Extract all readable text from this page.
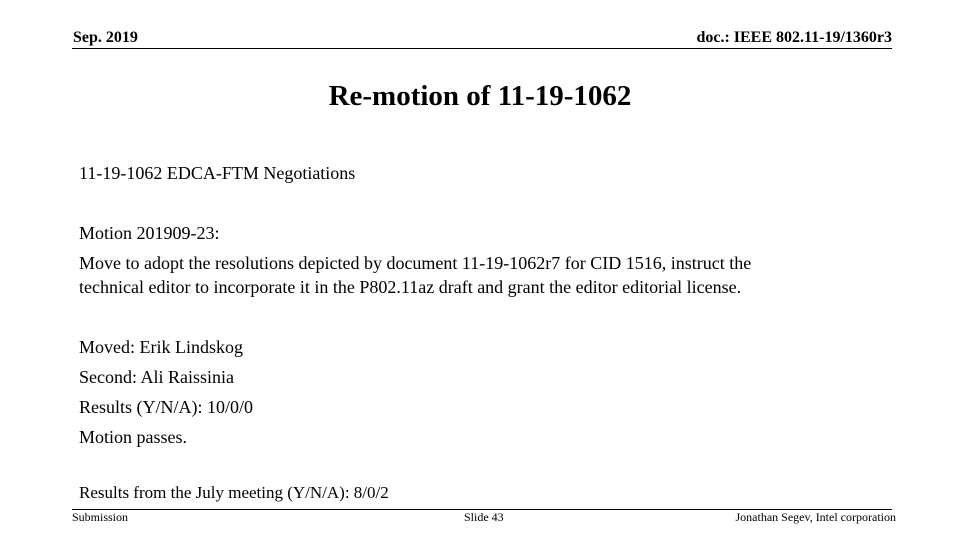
Sep. 2019	doc.: IEEE 802.11-19/1360r3
Re-motion of 11-19-1062
11-19-1062 EDCA-FTM Negotiations
Motion 201909-23:
Move to adopt the resolutions depicted by document 11-19-1062r7 for CID 1516, instruct the
technical editor to incorporate it in the P802.11az draft and grant the editor editorial license.
Moved: Erik Lindskog
Second: Ali Raissinia
Results (Y/N/A): 10/0/0
Motion passes.
Results from the July meeting (Y/N/A): 8/0/2
Submission	Slide 43	Jonathan Segev, Intel corporation
